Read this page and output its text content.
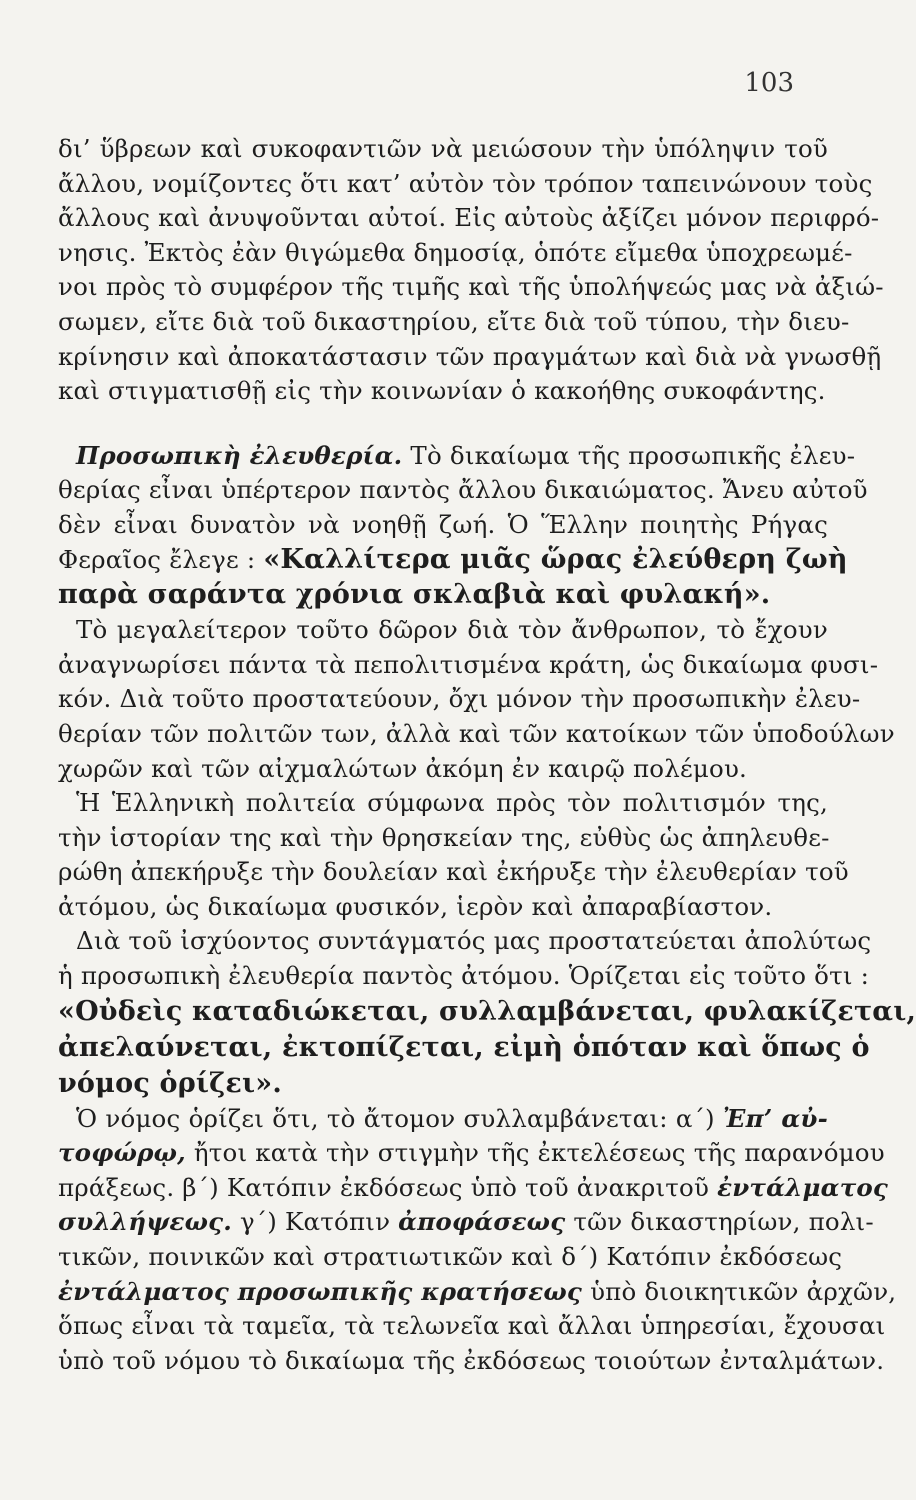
103
δι’ ὕβρεων καὶ συκοφαντιῶν νὰ μειώσουν τὴν ὑπόληψιν τοῦ
ἄλλου, νομίζοντες ὅτι κατ’ αὐτὸν τὸν τρόπον ταπεινώνουν τοὺς
ἄλλους καὶ ἀνυψοῦνται αὐτοί. Εἰς αὐτοὺς ἀξίζει μόνον περιφρό-
νησις. Ἐκτὸς ἐὰν θιγώμεθα δημοσίᾳ, ὁπότε εἴμεθα ὑποχρεωμέ-
νοι πρὸς τὸ συμφέρον τῆς τιμῆς καὶ τῆς ὑπολήψεώς μας νὰ ἀξιώ-
σωμεν, εἴτε διὰ τοῦ δικαστηρίου, εἴτε διὰ τοῦ τύπου, τὴν διευ-
κρίνησιν καὶ ἀποκατάστασιν τῶν πραγμάτων καὶ διὰ νὰ γνωσθῇ
καὶ στιγματισθῇ εἰς τὴν κοινωνίαν ὁ κακοήθης συκοφάντης.
Προσωπικὴ ἐλευθερία. Τὸ δικαίωμα τῆς προσωπικῆς ἐλευ-
θερίας εἶναι ὑπέρτερον παντὸς ἄλλου δικαιώματος. Ἄνευ αὐτοῦ
δὲν εἶναι δυνατὸν νὰ νοηθῇ ζωή. Ὁ Ἕλλην ποιητὴς Ρήγας
Φεραῖος ἔλεγε : «Καλλίτερα μιᾶς ὥρας ἐλεύθερη ζωὴ
παρὰ σαράντα χρόνια σκλαβιὰ καὶ φυλακή».
Τὸ μεγαλείτερον τοῦτο δῶρον διὰ τὸν ἄνθρωπον, τὸ ἔχουν
ἀναγνωρίσει πάντα τὰ πεπολιτισμένα κράτη, ὡς δικαίωμα φυσι-
κόν. Διὰ τοῦτο προστατεύουν, ὄχι μόνον τὴν προσωπικὴν ἐλευ-
θερίαν τῶν πολιτῶν των, ἀλλὰ καὶ τῶν κατοίκων τῶν ὑποδούλων
χωρῶν καὶ τῶν αἰχμαλώτων ἀκόμη ἐν καιρῷ πολέμου.
Ἡ Ἑλληνικὴ πολιτεία σύμφωνα πρὸς τὸν πολιτισμόν της,
τὴν ἱστορίαν της καὶ τὴν θρησκείαν της, εὐθὺς ὡς ἀπηλευθε-
ρώθη ἀπεκήρυξε τὴν δουλείαν καὶ ἐκήρυξε τὴν ἐλευθερίαν τοῦ
ἀτόμου, ὡς δικαίωμα φυσικόν, ἱερὸν καὶ ἀπαραβίαστον.
Διὰ τοῦ ἰσχύοντος συντάγματός μας προστατεύεται ἀπολύτως
ἡ προσωπικὴ ἐλευθερία παντὸς ἀτόμου. Ὁρίζεται εἰς τοῦτο ὅτι :
«Οὐδεὶς καταδιώκεται, συλλαμβάνεται, φυλακίζεται,
ἀπελαύνεται, ἐκτοπίζεται, εἰμὴ ὁπόταν καὶ ὅπως ὁ
νόμος ὁρίζει».
Ὁ νόμος ὁρίζει ὅτι, τὸ ἄτομον συλλαμβάνεται: α΄) Ἐπ’ αὐ-
τοφώρῳ, ἤτοι κατὰ τὴν στιγμὴν τῆς ἐκτελέσεως τῆς παρανόμου
πράξεως. β΄) Κατόπιν ἐκδόσεως ὑπὸ τοῦ ἀνακριτοῦ ἐντάλματος
συλλήψεως. γ΄) Κατόπιν ἀποφάσεως τῶν δικαστηρίων, πολι-
τικῶν, ποινικῶν καὶ στρατιωτικῶν καὶ δ΄) Κατόπιν ἐκδόσεως
ἐντάλματος προσωπικῆς κρατήσεως ὑπὸ διοικητικῶν ἀρχῶν,
ὅπως εἶναι τὰ ταμεῖα, τὰ τελωνεῖα καὶ ἄλλαι ὑπηρεσίαι, ἔχουσαι
ὑπὸ τοῦ νόμου τὸ δικαίωμα τῆς ἐκδόσεως τοιούτων ἐνταλμάτων.
